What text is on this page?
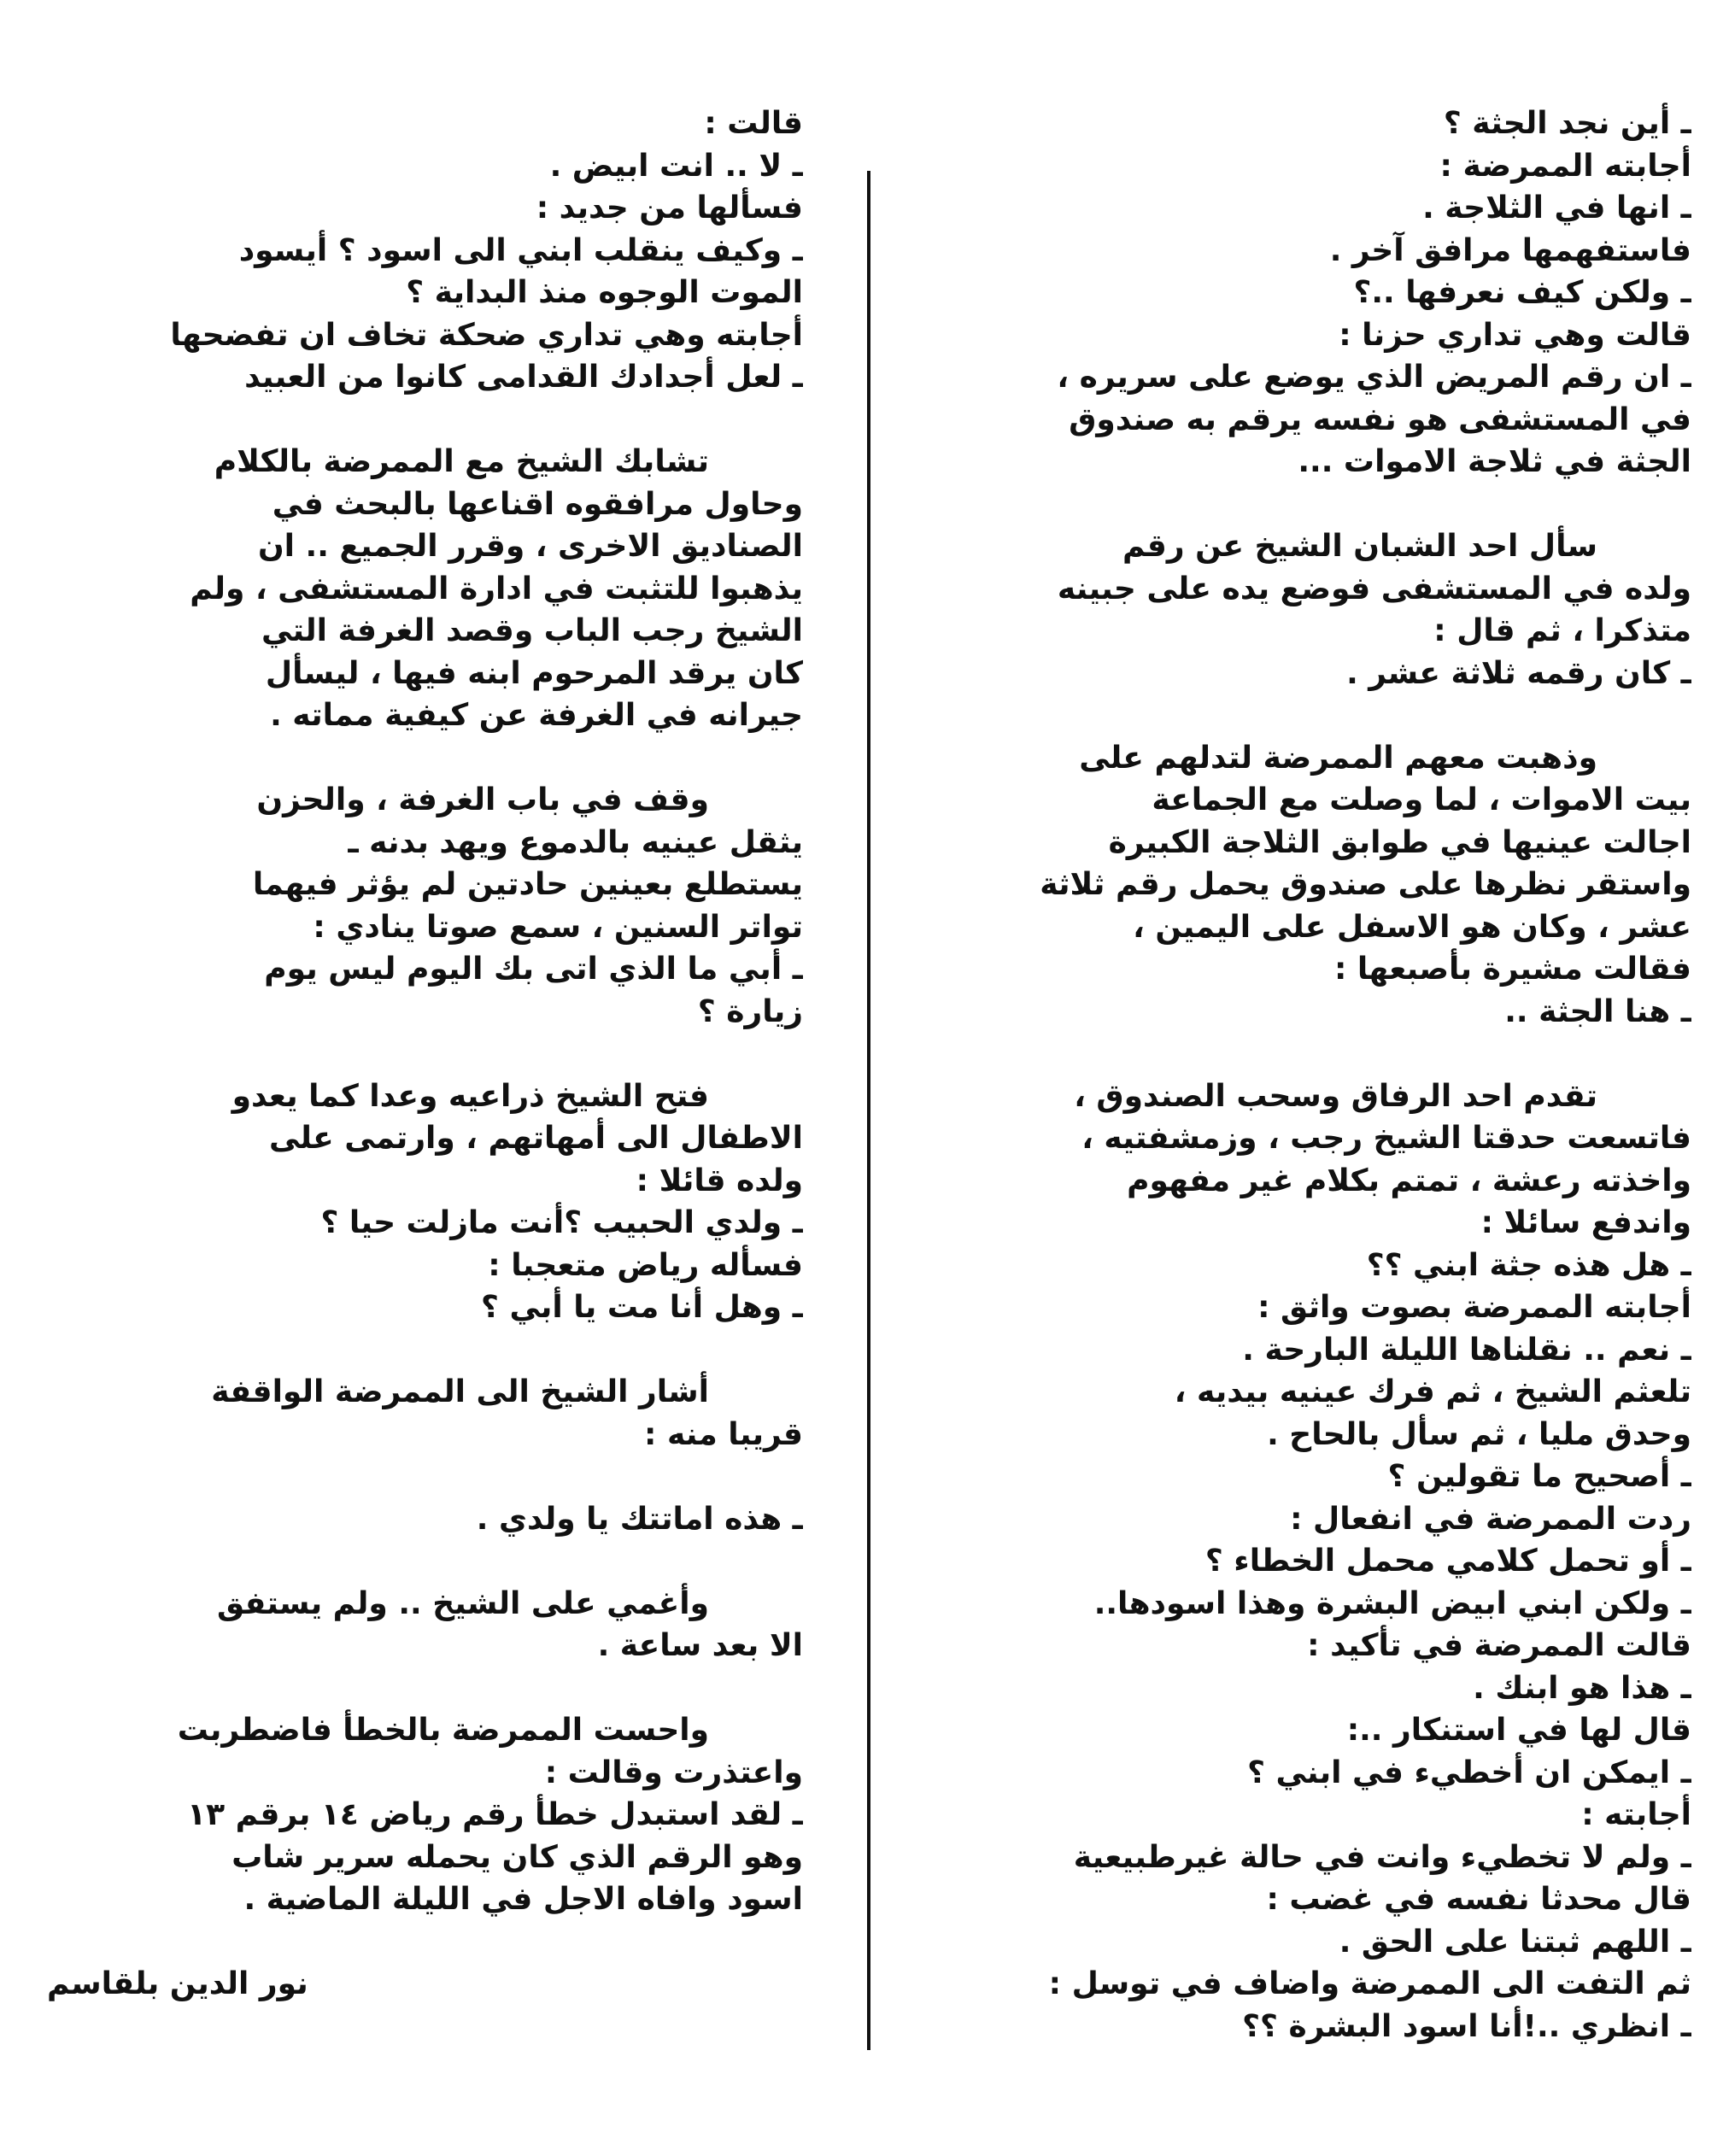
ـ أين نجد الجثة ؟
أجابته الممرضة :
ـ انها في الثلاجة .
فاستفهمها مرافق آخر .
ـ ولكن كيف نعرفها ..؟
قالت وهي تداري حزنا :
ـ ان رقم المريض الذي يوضع على سريره ،
في المستشفى هو نفسه يرقم به صندوق
الجثة في ثلاجة الاموات ...
سأل احد الشبان الشيخ عن رقم
ولده في المستشفى فوضع يده على جبينه
متذكرا ، ثم قال :
ـ كان رقمه ثلاثة عشر .
وذهبت معهم الممرضة لتدلهم على
بيت الاموات ، لما وصلت مع الجماعة
اجالت عينيها في طوابق الثلاجة الكبيرة
واستقر نظرها على صندوق يحمل رقم ثلاثة
عشر ، وكان هو الاسفل على اليمين ،
فقالت مشيرة بأصبعها :
ـ هنا الجثة ..
تقدم احد الرفاق وسحب الصندوق ،
فاتسعت حدقتا الشيخ رجب ، وزمشفتيه ،
واخذته رعشة ، تمتم بكلام غير مفهوم
واندفع سائلا :
ـ هل هذه جثة ابني ؟؟
أجابته الممرضة بصوت واثق :
ـ نعم .. نقلناها الليلة البارحة .
تلعثم الشيخ ، ثم فرك عينيه بيديه ،
وحدق مليا ، ثم سأل بالحاح .
ـ أصحيح ما تقولين ؟
ردت الممرضة في انفعال :
ـ أو تحمل كلامي محمل الخطاء ؟
ـ ولكن ابني ابيض البشرة وهذا اسودها..
قالت الممرضة في تأكيد :
ـ هذا هو ابنك .
قال لها في استنكار ..:
ـ ايمكن ان أخطيء في ابني ؟
أجابته :
ـ ولم لا تخطيء وانت في حالة غيرطبيعية
قال محدثا نفسه في غضب :
ـ اللهم ثبتنا على الحق .
ثم التفت الى الممرضة واضاف في توسل :
ـ انظري ..!أنا اسود البشرة ؟؟
قالت :
ـ لا .. انت ابيض .
فسألها من جديد :
ـ وكيف ينقلب ابني الى اسود ؟ أيسود
الموت الوجوه منذ البداية ؟
أجابته وهي تداري ضحكة تخاف ان تفضحها
ـ لعل أجدادك القدامى كانوا من العبيد
تشابك الشيخ مع الممرضة بالكلام
وحاول مرافقوه اقناعها بالبحث في
الصناديق الاخرى ، وقرر الجميع .. ان
يذهبوا للتثبت في ادارة المستشفى ، ولم
الشيخ رجب الباب وقصد الغرفة التي
كان يرقد المرحوم ابنه فيها ، ليسأل
جيرانه في الغرفة عن كيفية مماته .
وقف في باب الغرفة ، والحزن
يثقل عينيه بالدموع ويهد بدنه ـ
يستطلع بعينين حادتين لم يؤثر فيهما
تواتر السنين ، سمع صوتا ينادي :
ـ أبي ما الذي اتى بك اليوم ليس يوم
زيارة ؟
فتح الشيخ ذراعيه وعدا كما يعدو
الاطفال الى أمهاتهم ، وارتمى على
ولده قائلا :
ـ ولدي الحبيب ؟أنت مازلت حيا ؟
فسأله رياض متعجبا :
ـ وهل أنا مت يا أبي ؟
أشار الشيخ الى الممرضة الواقفة
قريبا منه :
ـ هذه اماتتك يا ولدي .
وأغمي على الشيخ .. ولم يستفق
الا بعد ساعة .
واحست الممرضة بالخطأ فاضطربت
واعتذرت وقالت :
ـ لقد استبدل خطأ رقم رياض ١٤ برقم ١٣
وهو الرقم الذي كان يحمله سرير شاب
اسود وافاه الاجل في الليلة الماضية .
نور الدين بلقاسم
